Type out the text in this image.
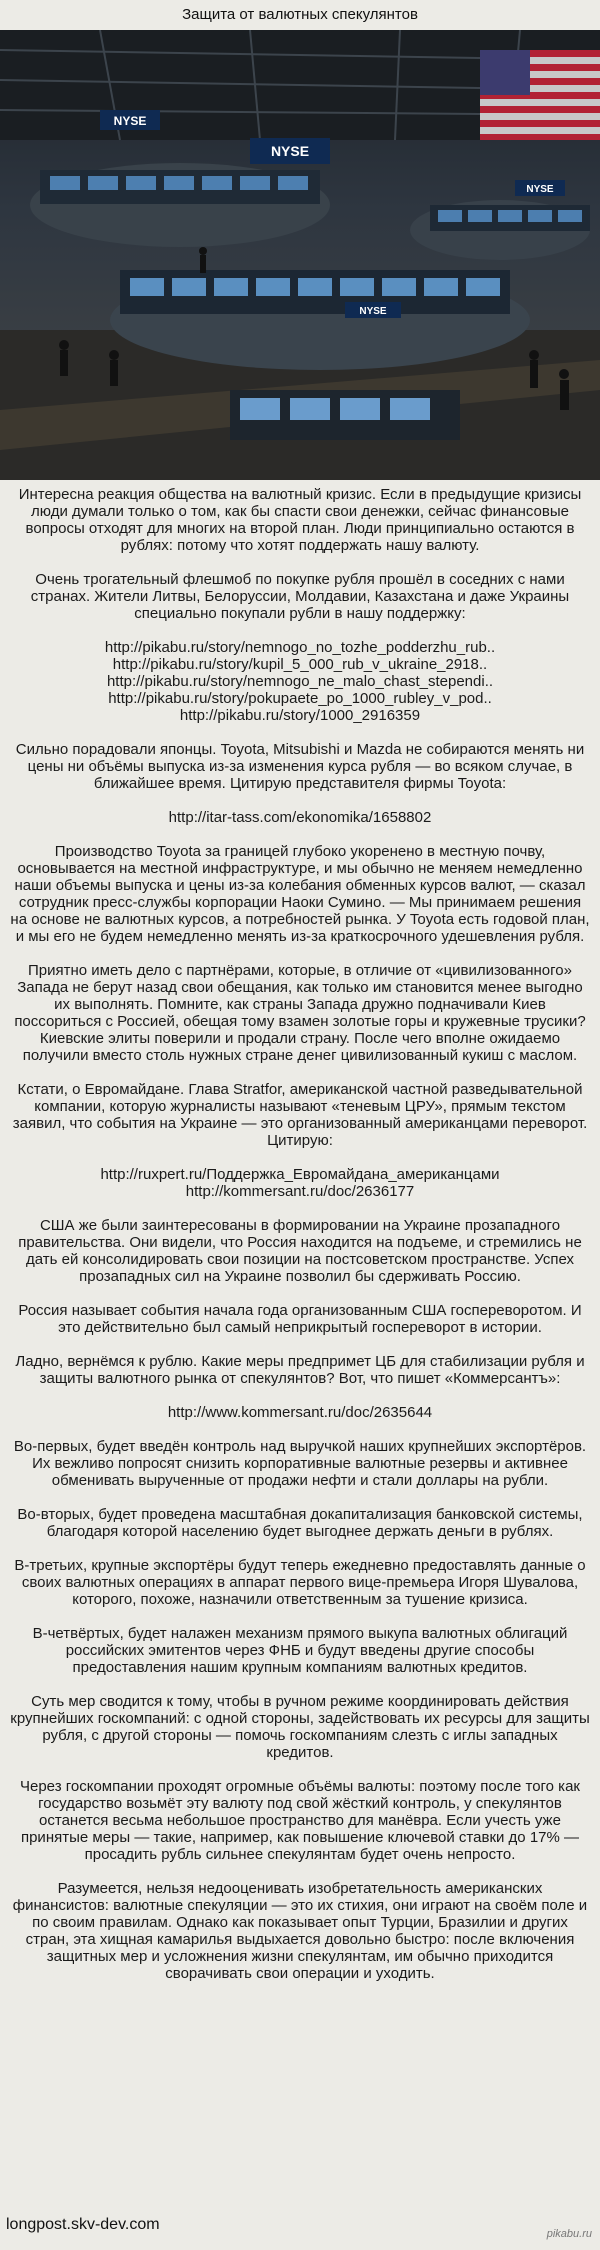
Защита от валютных спекулянтов
NYSE
NYSE
NYSE
NYSE

Интересна реакция общества на валютный кризис. Если в предыдущие кризисы люди думали только о том, как бы спасти свои денежки, сейчас финансовые вопросы отходят для многих на второй план. Люди принципиально остаются в рублях: потому что хотят поддержать нашу валюту.

Очень трогательный флешмоб по покупке рубля прошёл в соседних с нами странах. Жители Литвы, Белоруссии, Молдавии, Казахстана и даже Украины специально покупали рубли в нашу поддержку:

http://pikabu.ru/story/nemnogo_no_tozhe_podderzhu_rub..
http://pikabu.ru/story/kupil_5_000_rub_v_ukraine_2918..
http://pikabu.ru/story/nemnogo_ne_malo_chast_stependi..
http://pikabu.ru/story/pokupaete_po_1000_rubley_v_pod..
http://pikabu.ru/story/1000_2916359

Сильно порадовали японцы. Toyota, Mitsubishi и Mazda не собираются менять ни цены ни объёмы выпуска из-за изменения курса рубля — во всяком случае, в ближайшее время. Цитирую представителя фирмы Toyota:

http://itar-tass.com/ekonomika/1658802

Производство Toyota за границей глубоко укоренено в местную почву, основывается на местной инфраструктуре, и мы обычно не меняем немедленно наши объемы выпуска и цены из-за колебания обменных курсов валют, — сказал сотрудник пресс-службы корпорации Наоки Сумино. — Мы принимаем решения на основе не валютных курсов, а потребностей рынка. У Toyota есть годовой план, и мы его не будем немедленно менять из-за краткосрочного удешевления рубля.

Приятно иметь дело с партнёрами, которые, в отличие от «цивилизованного» Запада не берут назад свои обещания, как только им становится менее выгодно их выполнять. Помните, как страны Запада дружно подначивали Киев поссориться с Россией, обещая тому взамен золотые горы и кружевные трусики? Киевские элиты поверили и продали страну. После чего вполне ожидаемо получили вместо столь нужных стране денег цивилизованный кукиш с маслом.

Кстати, о Евромайдане. Глава Stratfor, американской частной разведывательной компании, которую журналисты называют «теневым ЦРУ», прямым текстом заявил, что события на Украине — это организованный американцами переворот. Цитирую:

http://ruxpert.ru/Поддержка_Евромайдана_американцами
http://kommersant.ru/doc/2636177

США же были заинтересованы в формировании на Украине прозападного правительства. Они видели, что Россия находится на подъеме, и стремились не дать ей консолидировать свои позиции на постсоветском пространстве. Успех прозападных сил на Украине позволил бы сдерживать Россию.

Россия называет события начала года организованным США госпереворотом. И это действительно был самый неприкрытый госпереворот в истории.

Ладно, вернёмся к рублю. Какие меры предпримет ЦБ для стабилизации рубля и защиты валютного рынка от спекулянтов? Вот, что пишет «Коммерсантъ»:

http://www.kommersant.ru/doc/2635644

Во-первых, будет введён контроль над выручкой наших крупнейших экспортёров. Их вежливо попросят снизить корпоративные валютные резервы и активнее обменивать вырученные от продажи нефти и стали доллары на рубли.

Во-вторых, будет проведена масштабная докапитализация банковской системы, благодаря которой населению будет выгоднее держать деньги в рублях.

В-третьих, крупные экспортёры будут теперь ежедневно предоставлять данные о своих валютных операциях в аппарат первого вице-премьера Игоря Шувалова, которого, похоже, назначили ответственным за тушение кризиса.

В-четвёртых, будет налажен механизм прямого выкупа валютных облигаций российских эмитентов через ФНБ и будут введены другие способы предоставления нашим крупным компаниям валютных кредитов.

Суть мер сводится к тому, чтобы в ручном режиме координировать действия крупнейших госкомпаний: с одной стороны, задействовать их ресурсы для защиты рубля, с другой стороны — помочь госкомпаниям слезть с иглы западных кредитов.

Через госкомпании проходят огромные объёмы валюты: поэтому после того как государство возьмёт эту валюту под свой жёсткий контроль, у спекулянтов останется весьма небольшое пространство для манёвра. Если учесть уже принятые меры — такие, например, как повышение ключевой ставки до 17% — просадить рубль сильнее спекулянтам будет очень непросто.

Разумеется, нельзя недооценивать изобретательность американских финансистов: валютные спекуляции — это их стихия, они играют на своём поле и по своим правилам. Однако как показывает опыт Турции, Бразилии и других стран, эта хищная камарилья выдыхается довольно быстро: после включения защитных мер и усложнения жизни спекулянтам, им обычно приходится сворачивать свои операции и уходить.

longpost.skv-dev.com
pikabu.ru
